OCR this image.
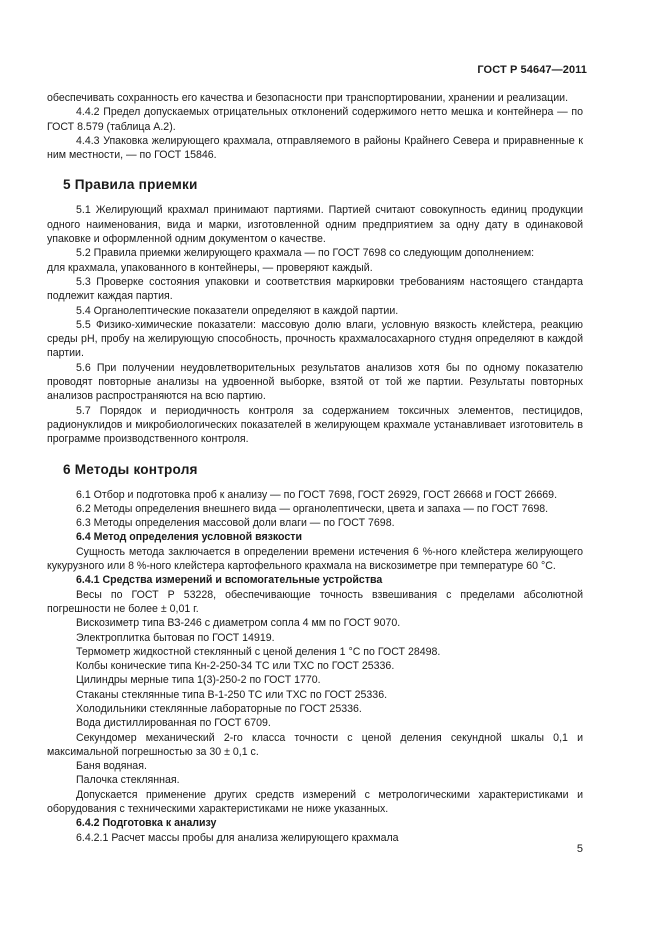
ГОСТ Р 54647—2011

обеспечивать сохранность его качества и безопасности при транспортировании, хранении и реализации.

4.4.2 Предел допускаемых отрицательных отклонений содержимого нетто мешка и контейнера — по ГОСТ 8.579 (таблица А.2).

4.4.3 Упаковка желирующего крахмала, отправляемого в районы Крайнего Севера и приравненные к ним местности, — по ГОСТ 15846.

5 Правила приемки

5.1 Желирующий крахмал принимают партиями. Партией считают совокупность единиц продукции одного наименования, вида и марки, изготовленной одним предприятием за одну дату в одинаковой упаковке и оформленной одним документом о качестве.

5.2 Правила приемки желирующего крахмала — по ГОСТ 7698 со следующим дополнением:

для крахмала, упакованного в контейнеры, — проверяют каждый.

5.3 Проверке состояния упаковки и соответствия маркировки требованиям настоящего стандарта подлежит каждая партия.

5.4 Органолептические показатели определяют в каждой партии.

5.5 Физико-химические показатели: массовую долю влаги, условную вязкость клейстера, реакцию среды рН, пробу на желирующую способность, прочность крахмалосахарного студня определяют в каждой партии.

5.6 При получении неудовлетворительных результатов анализов хотя бы по одному показателю проводят повторные анализы на удвоенной выборке, взятой от той же партии. Результаты повторных анализов распространяются на всю партию.

5.7 Порядок и периодичность контроля за содержанием токсичных элементов, пестицидов, радионуклидов и микробиологических показателей в желирующем крахмале устанавливает изготовитель в программе производственного контроля.

6 Методы контроля

6.1 Отбор и подготовка проб к анализу — по ГОСТ 7698, ГОСТ 26929, ГОСТ 26668 и ГОСТ 26669.

6.2 Методы определения внешнего вида — органолептически, цвета и запаха — по ГОСТ 7698.

6.3 Методы определения массовой доли влаги — по ГОСТ 7698.

6.4 Метод определения условной вязкости

Сущность метода заключается в определении времени истечения 6 %-ного клейстера желирующего кукурузного или 8 %-ного клейстера картофельного крахмала на вискозиметре при температуре 60 °С.

6.4.1 Средства измерений и вспомогательные устройства

Весы по ГОСТ Р 53228, обеспечивающие точность взвешивания с пределами абсолютной погрешности не более ± 0,01 г.

Вискозиметр типа ВЗ-246 с диаметром сопла 4 мм по ГОСТ 9070.

Электроплитка бытовая по ГОСТ 14919.

Термометр жидкостной стеклянный с ценой деления 1 °С по ГОСТ 28498.

Колбы конические типа Кн-2-250-34 ТС или ТХС по ГОСТ 25336.

Цилиндры мерные типа 1(3)-250-2 по ГОСТ 1770.

Стаканы стеклянные типа В-1-250 ТС или ТХС по ГОСТ 25336.

Холодильники стеклянные лабораторные по ГОСТ 25336.

Вода дистиллированная по ГОСТ 6709.

Секундомер механический 2-го класса точности с ценой деления секундной шкалы 0,1 и максимальной погрешностью за 30 ± 0,1 с.

Баня водяная.

Палочка стеклянная.

Допускается применение других средств измерений с метрологическими характеристиками и оборудования с техническими характеристиками не ниже указанных.

6.4.2 Подготовка к анализу

6.4.2.1 Расчет массы пробы для анализа желирующего крахмала

5
